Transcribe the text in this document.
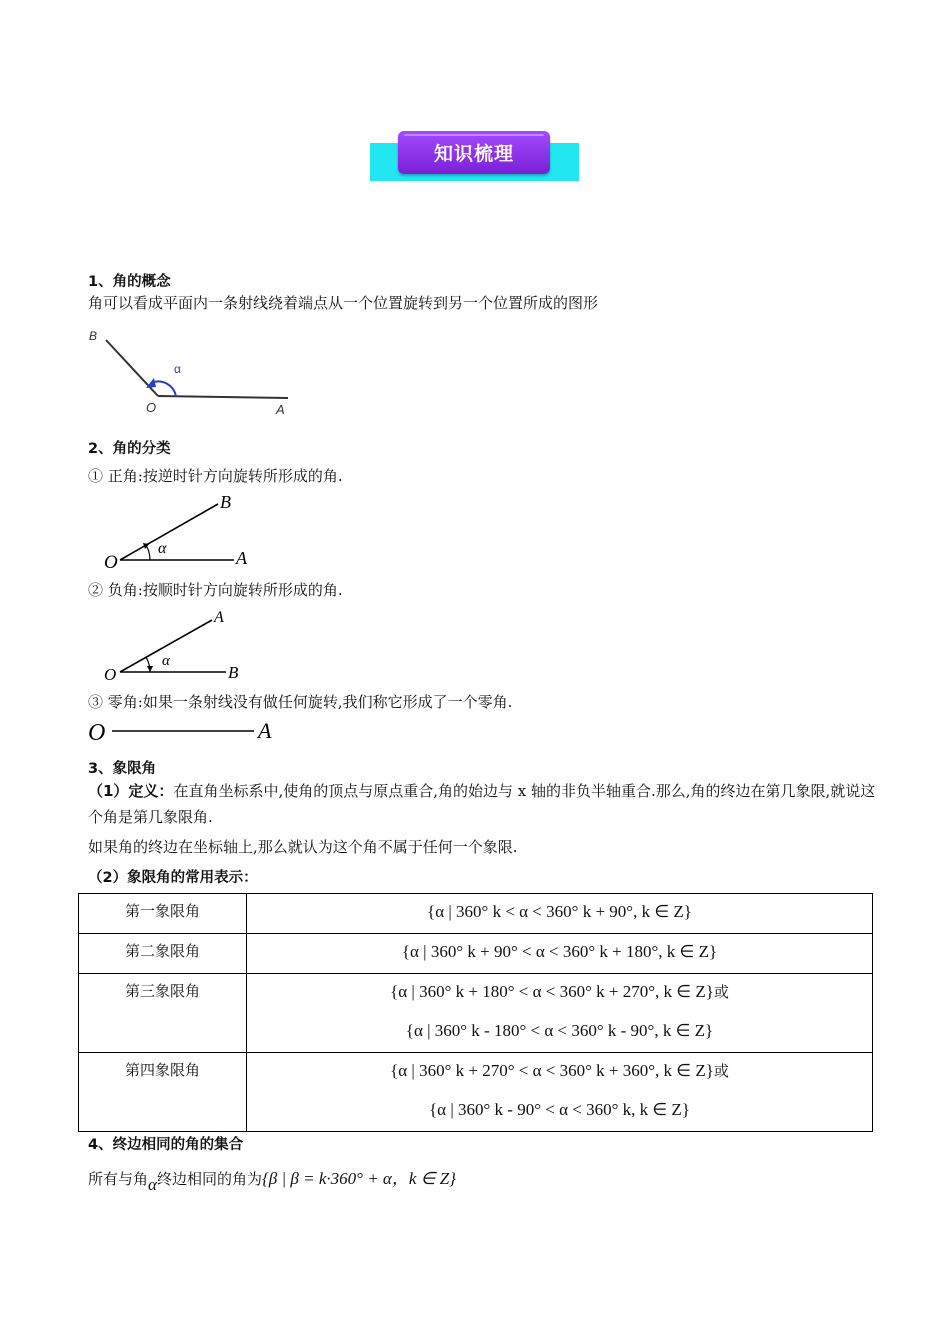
知识梳理
1、角的概念
角可以看成平面内一条射线绕着端点从一个位置旋转到另一个位置所成的图形
B
O	A
α
2、角的分类
① 正角:按逆时针方向旋转所形成的角.
O	A
B
α
② 负角:按顺时针方向旋转所形成的角.
O
A
B
α
③ 零角:如果一条射线没有做任何旋转,我们称它形成了一个零角.
O	A
3、象限角
（1）定义：在直角坐标系中,使角的顶点与原点重合,角的始边与 x 轴的非负半轴重合.那么,角的终边在第几象限,就说这个角是第几象限角.
如果角的终边在坐标轴上,那么就认为这个角不属于任何一个象限.
（2）象限角的常用表示：
第一象限角	{α | 360° k < α < 360° k + 90°, k ∈ Z}

第二象限角	{α | 360° k + 90° < α < 360° k + 180°, k ∈ Z}

第三象限角	{α | 360° k + 180° < α < 360° k + 270°, k ∈ Z}或
{α | 360° k - 180° < α < 360° k - 90°, k ∈ Z}

第四象限角	{α | 360° k + 270° < α < 360° k + 360°, k ∈ Z}或
{α | 360° k - 90° < α < 360° k, k ∈ Z}
4、终边相同的角的集合
所有与角α终边相同的角为{β | β = k·360° + α，k ∈ Z}
